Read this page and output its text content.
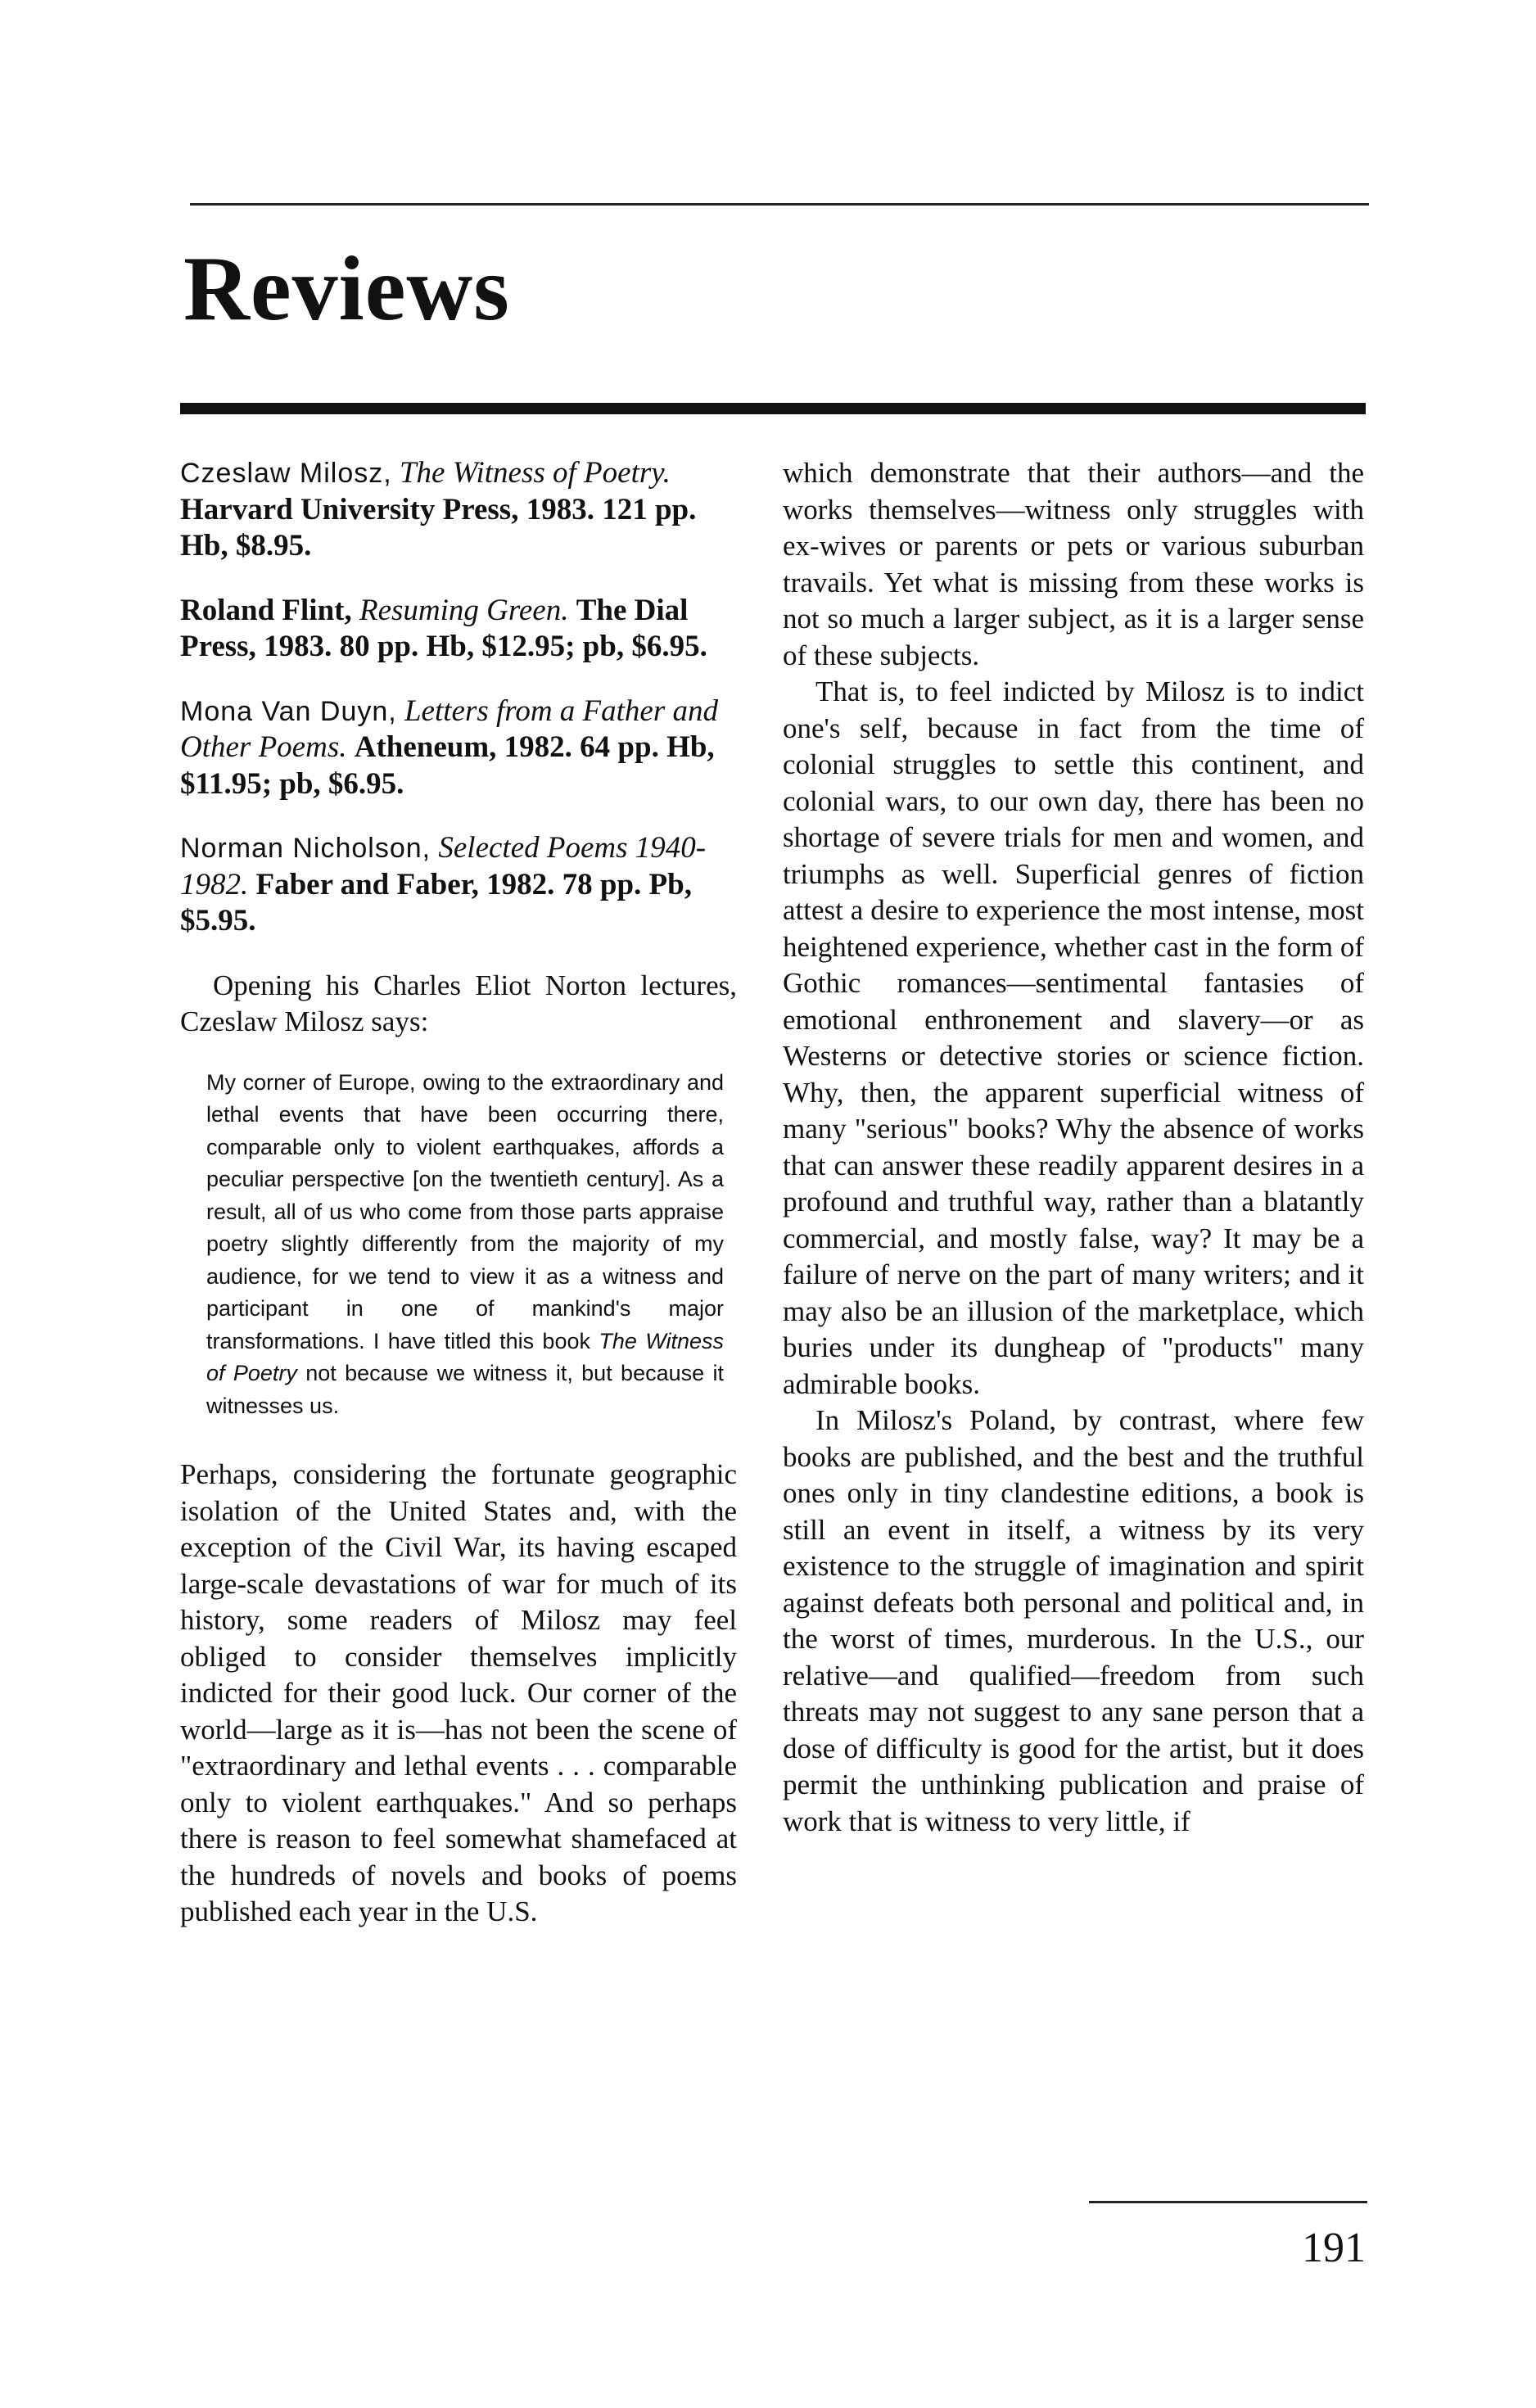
Reviews
Czeslaw Milosz, The Witness of Poetry. Harvard University Press, 1983. 121 pp. Hb, $8.95.
Roland Flint, Resuming Green. The Dial Press, 1983. 80 pp. Hb, $12.95; pb, $6.95.
Mona Van Duyn, Letters from a Father and Other Poems. Atheneum, 1982. 64 pp. Hb, $11.95; pb, $6.95.
Norman Nicholson, Selected Poems 1940-1982. Faber and Faber, 1982. 78 pp. Pb, $5.95.

Opening his Charles Eliot Norton lectures, Czeslaw Milosz says:

My corner of Europe, owing to the extraordinary and lethal events that have been occurring there, comparable only to violent earthquakes, affords a peculiar perspective [on the twentieth century]. As a result, all of us who come from those parts appraise poetry slightly differently from the majority of my audience, for we tend to view it as a witness and participant in one of mankind's major transformations. I have titled this book The Witness of Poetry not because we witness it, but because it witnesses us.

Perhaps, considering the fortunate geographic isolation of the United States and, with the exception of the Civil War, its having escaped large-scale devastations of war for much of its history, some readers of Milosz may feel obliged to consider themselves implicitly indicted for their good luck. Our corner of the world—large as it is—has not been the scene of "extraordinary and lethal events . . . comparable only to violent earthquakes." And so perhaps there is reason to feel somewhat shamefaced at the hundreds of novels and books of poems published each year in the U.S.

which demonstrate that their authors—and the works themselves—witness only struggles with ex-wives or parents or pets or various suburban travails. Yet what is missing from these works is not so much a larger subject, as it is a larger sense of these subjects.

That is, to feel indicted by Milosz is to indict one's self, because in fact from the time of colonial struggles to settle this continent, and colonial wars, to our own day, there has been no shortage of severe trials for men and women, and triumphs as well. Superficial genres of fiction attest a desire to experience the most intense, most heightened experience, whether cast in the form of Gothic romances—sentimental fantasies of emotional enthronement and slavery—or as Westerns or detective stories or science fiction. Why, then, the apparent superficial witness of many "serious" books? Why the absence of works that can answer these readily apparent desires in a profound and truthful way, rather than a blatantly commercial, and mostly false, way? It may be a failure of nerve on the part of many writers; and it may also be an illusion of the marketplace, which buries under its dungheap of "products" many admirable books.

In Milosz's Poland, by contrast, where few books are published, and the best and the truthful ones only in tiny clandestine editions, a book is still an event in itself, a witness by its very existence to the struggle of imagination and spirit against defeats both personal and political and, in the worst of times, murderous. In the U.S., our relative—and qualified—freedom from such threats may not suggest to any sane person that a dose of difficulty is good for the artist, but it does permit the unthinking publication and praise of work that is witness to very little, if

191
